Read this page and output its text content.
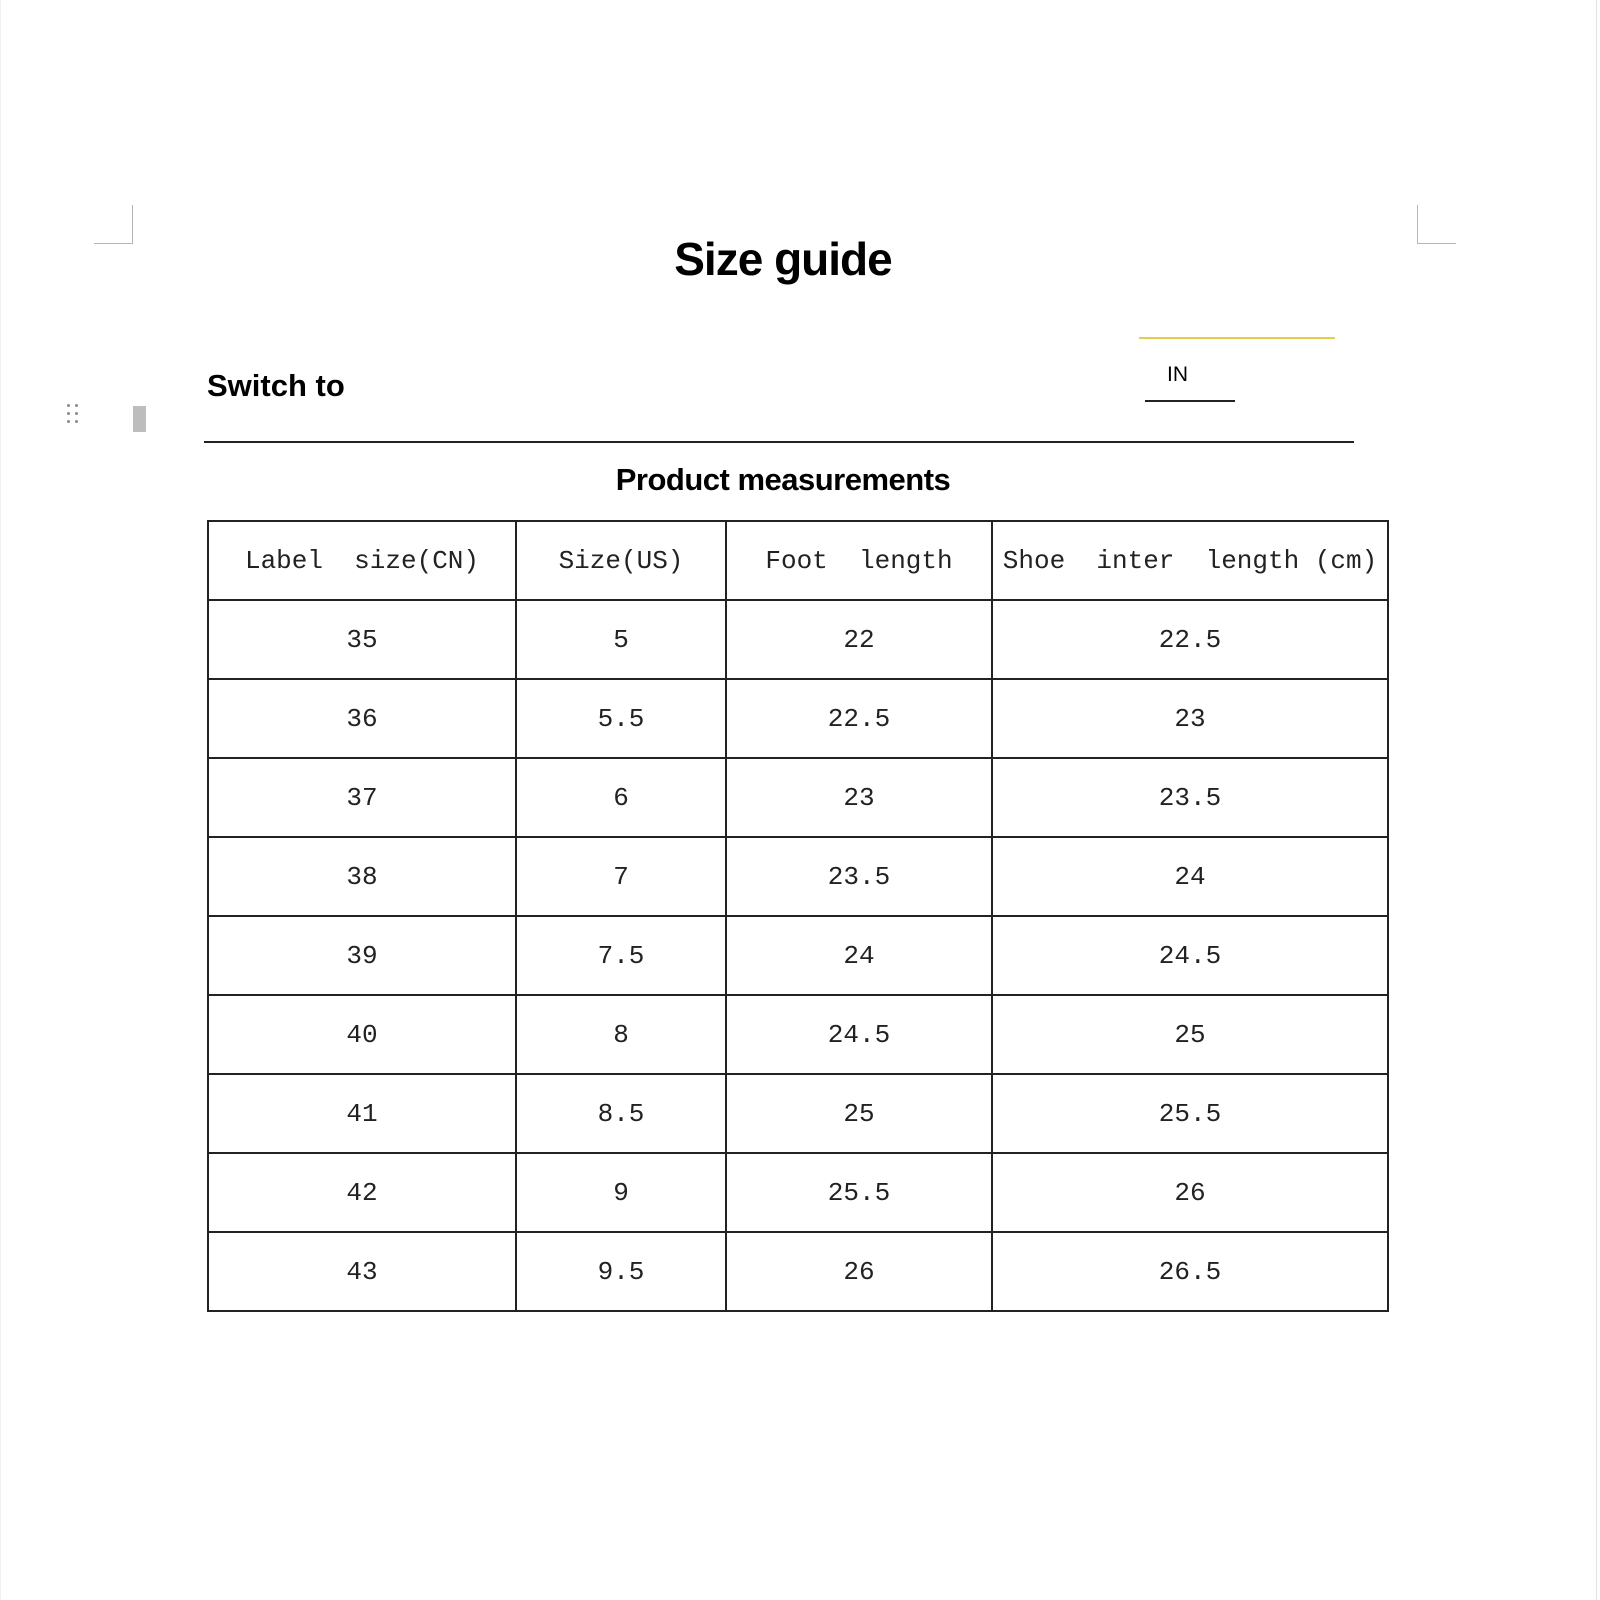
Size guide

Switch to	IN
Product measurements
Label  size(CN)	Size(US)	Foot  length	Shoe  inter  length (cm)
35	5	22	22.5
36	5.5	22.5	23
37	6	23	23.5
38	7	23.5	24
39	7.5	24	24.5
40	8	24.5	25
41	8.5	25	25.5
42	9	25.5	26
43	9.5	26	26.5
